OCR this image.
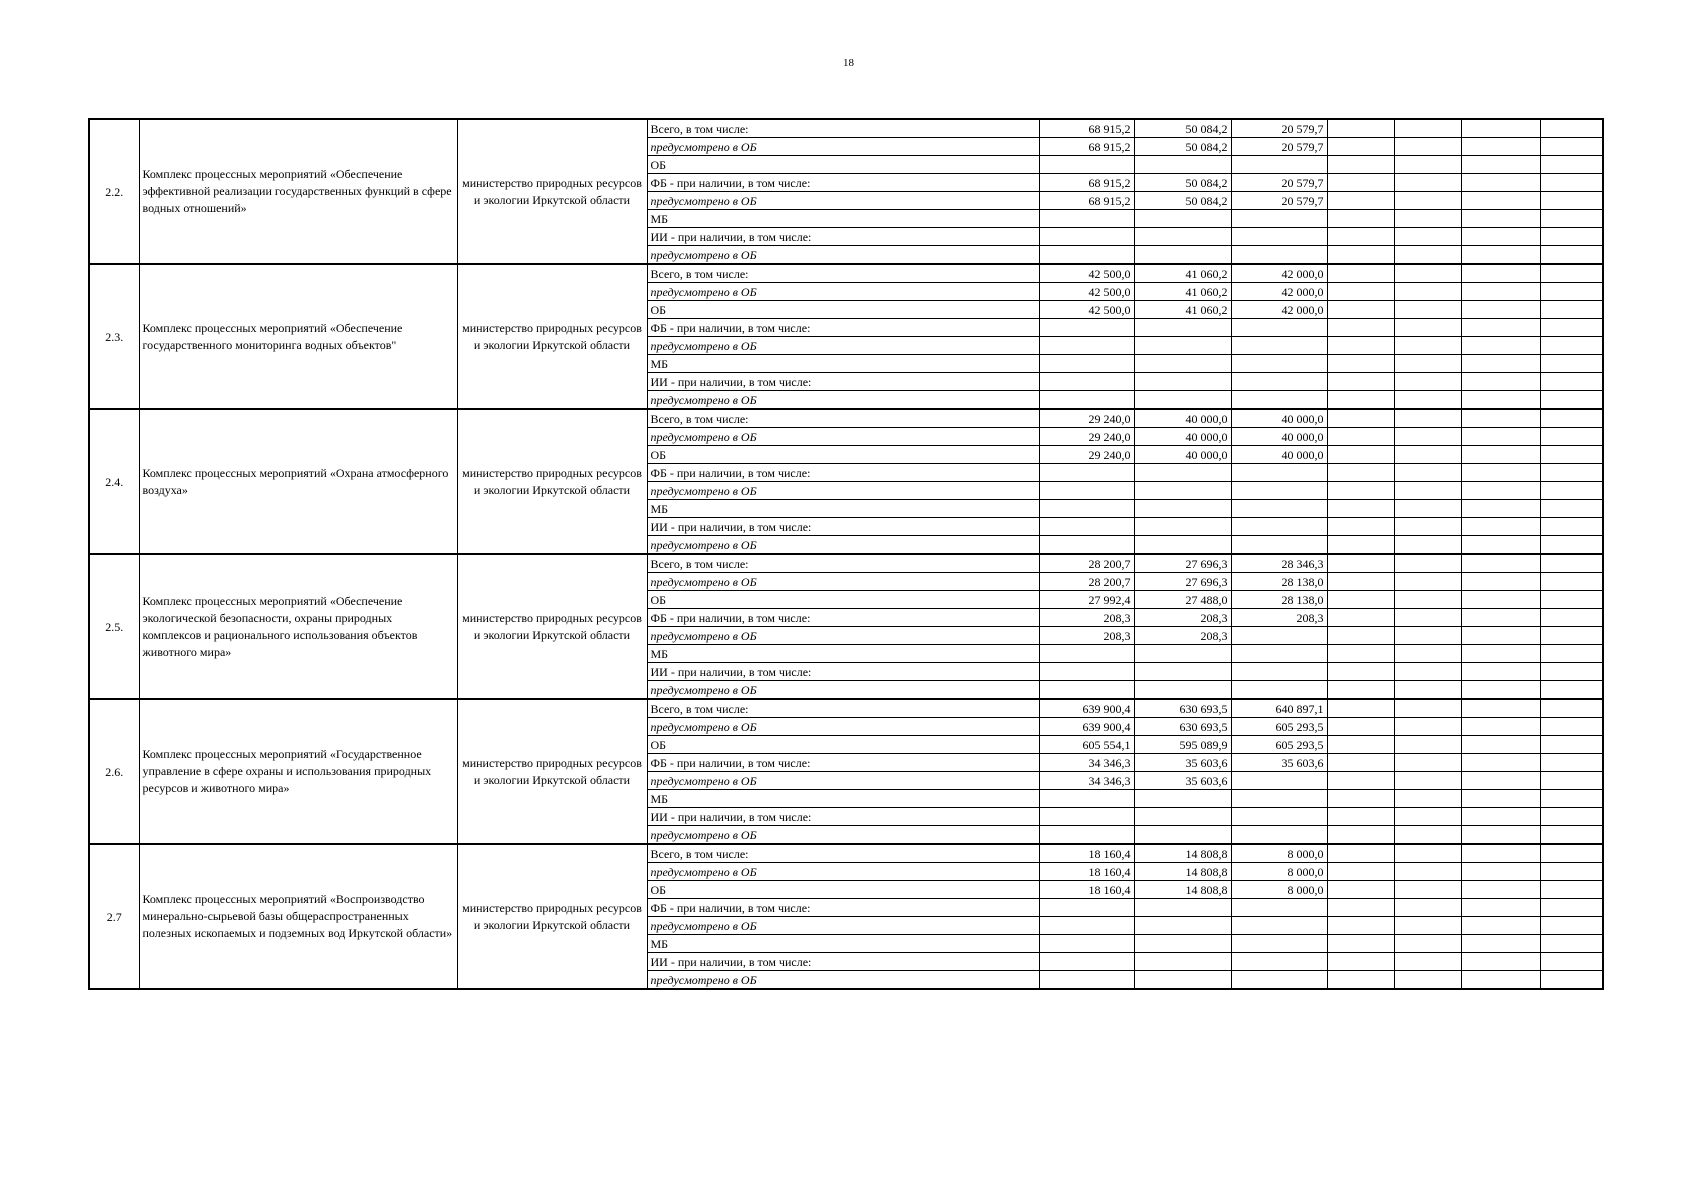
18
2.2.	Комплекс процессных мероприятий «Обеспечение эффективной реализации государственных функций в сфере водных отношений»	министерство природных ресурсов и экологии Иркутской области	Всего, в том числе:	68 915,2	50 084,2	20 579,7				
			предусмотрено в ОБ	68 915,2	50 084,2	20 579,7				
			ОБ							
			ФБ - при наличии, в том числе:	68 915,2	50 084,2	20 579,7				
			предусмотрено в ОБ	68 915,2	50 084,2	20 579,7				
			МБ							
			ИИ - при наличии, в том числе:							
			предусмотрено в ОБ							
2.3.	Комплекс процессных мероприятий «Обеспечение государственного мониторинга водных объектов"	министерство природных ресурсов и экологии Иркутской области	Всего, в том числе:	42 500,0	41 060,2	42 000,0				
			предусмотрено в ОБ	42 500,0	41 060,2	42 000,0				
			ОБ	42 500,0	41 060,2	42 000,0				
			ФБ - при наличии, в том числе:							
			предусмотрено в ОБ							
			МБ							
			ИИ - при наличии, в том числе:							
			предусмотрено в ОБ							
2.4.	Комплекс процессных мероприятий «Охрана атмосферного воздуха»	министерство природных ресурсов и экологии Иркутской области	Всего, в том числе:	29 240,0	40 000,0	40 000,0				
			предусмотрено в ОБ	29 240,0	40 000,0	40 000,0				
			ОБ	29 240,0	40 000,0	40 000,0				
			ФБ - при наличии, в том числе:							
			предусмотрено в ОБ							
			МБ							
			ИИ - при наличии, в том числе:							
			предусмотрено в ОБ							
2.5.	Комплекс процессных мероприятий «Обеспечение экологической безопасности, охраны природных комплексов и рационального использования объектов животного мира»	министерство природных ресурсов и экологии Иркутской области	Всего, в том числе:	28 200,7	27 696,3	28 346,3				
			предусмотрено в ОБ	28 200,7	27 696,3	28 138,0				
			ОБ	27 992,4	27 488,0	28 138,0				
			ФБ - при наличии, в том числе:	208,3	208,3	208,3				
			предусмотрено в ОБ	208,3	208,3					
			МБ							
			ИИ - при наличии, в том числе:							
			предусмотрено в ОБ							
2.6.	Комплекс процессных мероприятий «Государственное управление в сфере охраны и использования природных ресурсов и животного мира»	министерство природных ресурсов и экологии Иркутской области	Всего, в том числе:	639 900,4	630 693,5	640 897,1				
			предусмотрено в ОБ	639 900,4	630 693,5	605 293,5				
			ОБ	605 554,1	595 089,9	605 293,5				
			ФБ - при наличии, в том числе:	34 346,3	35 603,6	35 603,6				
			предусмотрено в ОБ	34 346,3	35 603,6					
			МБ							
			ИИ - при наличии, в том числе:							
			предусмотрено в ОБ							
2.7	Комплекс процессных мероприятий «Воспроизводство минерально-сырьевой базы общераспространенных полезных ископаемых и подземных вод Иркутской области»	министерство природных ресурсов и экологии Иркутской области	Всего, в том числе:	18 160,4	14 808,8	8 000,0				
			предусмотрено в ОБ	18 160,4	14 808,8	8 000,0				
			ОБ	18 160,4	14 808,8	8 000,0				
			ФБ - при наличии, в том числе:							
			предусмотрено в ОБ							
			МБ							
			ИИ - при наличии, в том числе:							
			предусмотрено в ОБ							
